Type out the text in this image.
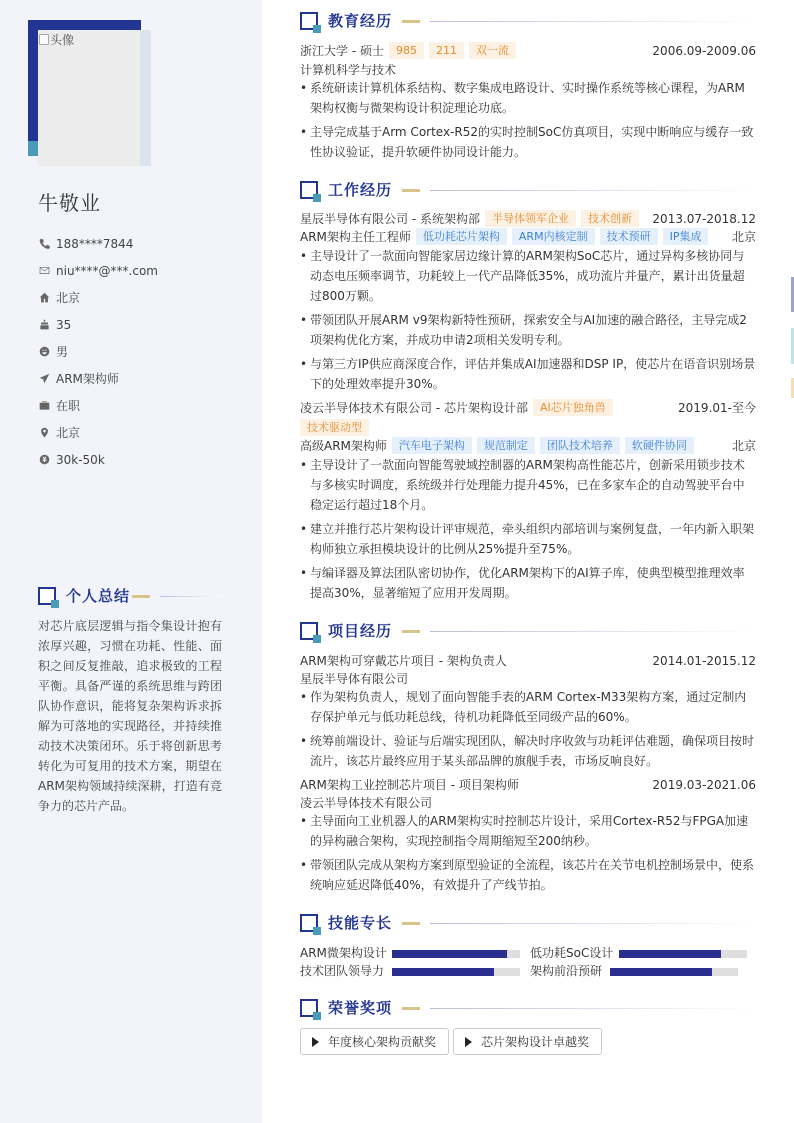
头像
牛敬业
188****7844
niu****@***.com
北京
35
男
ARM架构师
在职
北京
30k-50k
个人总结
对芯片底层逻辑与指令集设计抱有浓厚兴趣，习惯在功耗、性能、面积之间反复推敲，追求极致的工程平衡。具备严谨的系统思维与跨团队协作意识，能将复杂架构诉求拆解为可落地的实现路径，并持续推动技术决策闭环。乐于将创新思考转化为可复用的技术方案，期望在ARM架构领域持续深耕，打造有竞争力的芯片产品。
教育经历
浙江大学 - 硕士	985	211	双一流	2006.09-2009.06
计算机科学与技术
• 系统研读计算机体系结构、数字集成电路设计、实时操作系统等核心课程，为ARM架构权衡与微架构设计积淀理论功底。
• 主导完成基于Arm Cortex-R52的实时控制SoC仿真项目，实现中断响应与缓存一致性协议验证，提升软硬件协同设计能力。
工作经历
星辰半导体有限公司 - 系统架构部	半导体领军企业	技术创新	2013.07-2018.12
ARM架构主任工程师	低功耗芯片架构	ARM内核定制	技术预研	IP集成	北京
• 主导设计了一款面向智能家居边缘计算的ARM架构SoC芯片，通过异构多核协同与动态电压频率调节，功耗较上一代产品降低35%，成功流片并量产，累计出货量超过800万颗。
• 带领团队开展ARM v9架构新特性预研，探索安全与AI加速的融合路径，主导完成2项架构优化方案，并成功申请2项相关发明专利。
• 与第三方IP供应商深度合作，评估并集成AI加速器和DSP IP，使芯片在语音识别场景下的处理效率提升30%。
凌云半导体技术有限公司 - 芯片架构设计部	AI芯片独角兽	2019.01-至今
技术驱动型
高级ARM架构师	汽车电子架构	规范制定	团队技术培养	软硬件协同	北京
• 主导设计了一款面向智能驾驶域控制器的ARM架构高性能芯片，创新采用锁步技术与多核实时调度，系统级并行处理能力提升45%，已在多家车企的自动驾驶平台中稳定运行超过18个月。
• 建立并推行芯片架构设计评审规范，牵头组织内部培训与案例复盘，一年内新入职架构师独立承担模块设计的比例从25%提升至75%。
• 与编译器及算法团队密切协作，优化ARM架构下的AI算子库，使典型模型推理效率提高30%，显著缩短了应用开发周期。
项目经历
ARM架构可穿戴芯片项目 - 架构负责人	2014.01-2015.12
星辰半导体有限公司
• 作为架构负责人，规划了面向智能手表的ARM Cortex-M33架构方案，通过定制内存保护单元与低功耗总线，待机功耗降低至同级产品的60%。
• 统筹前端设计、验证与后端实现团队，解决时序收敛与功耗评估难题，确保项目按时流片，该芯片最终应用于某头部品牌的旗舰手表，市场反响良好。
ARM架构工业控制芯片项目 - 项目架构师	2019.03-2021.06
凌云半导体技术有限公司
• 主导面向工业机器人的ARM架构实时控制芯片设计，采用Cortex-R52与FPGA加速的异构融合架构，实现控制指令周期缩短至200纳秒。
• 带领团队完成从架构方案到原型验证的全流程，该芯片在关节电机控制场景中，使系统响应延迟降低40%，有效提升了产线节拍。
技能专长
ARM微架构设计	低功耗SoC设计
技术团队领导力	架构前沿预研
荣誉奖项
年度核心架构贡献奖	芯片架构设计卓越奖
